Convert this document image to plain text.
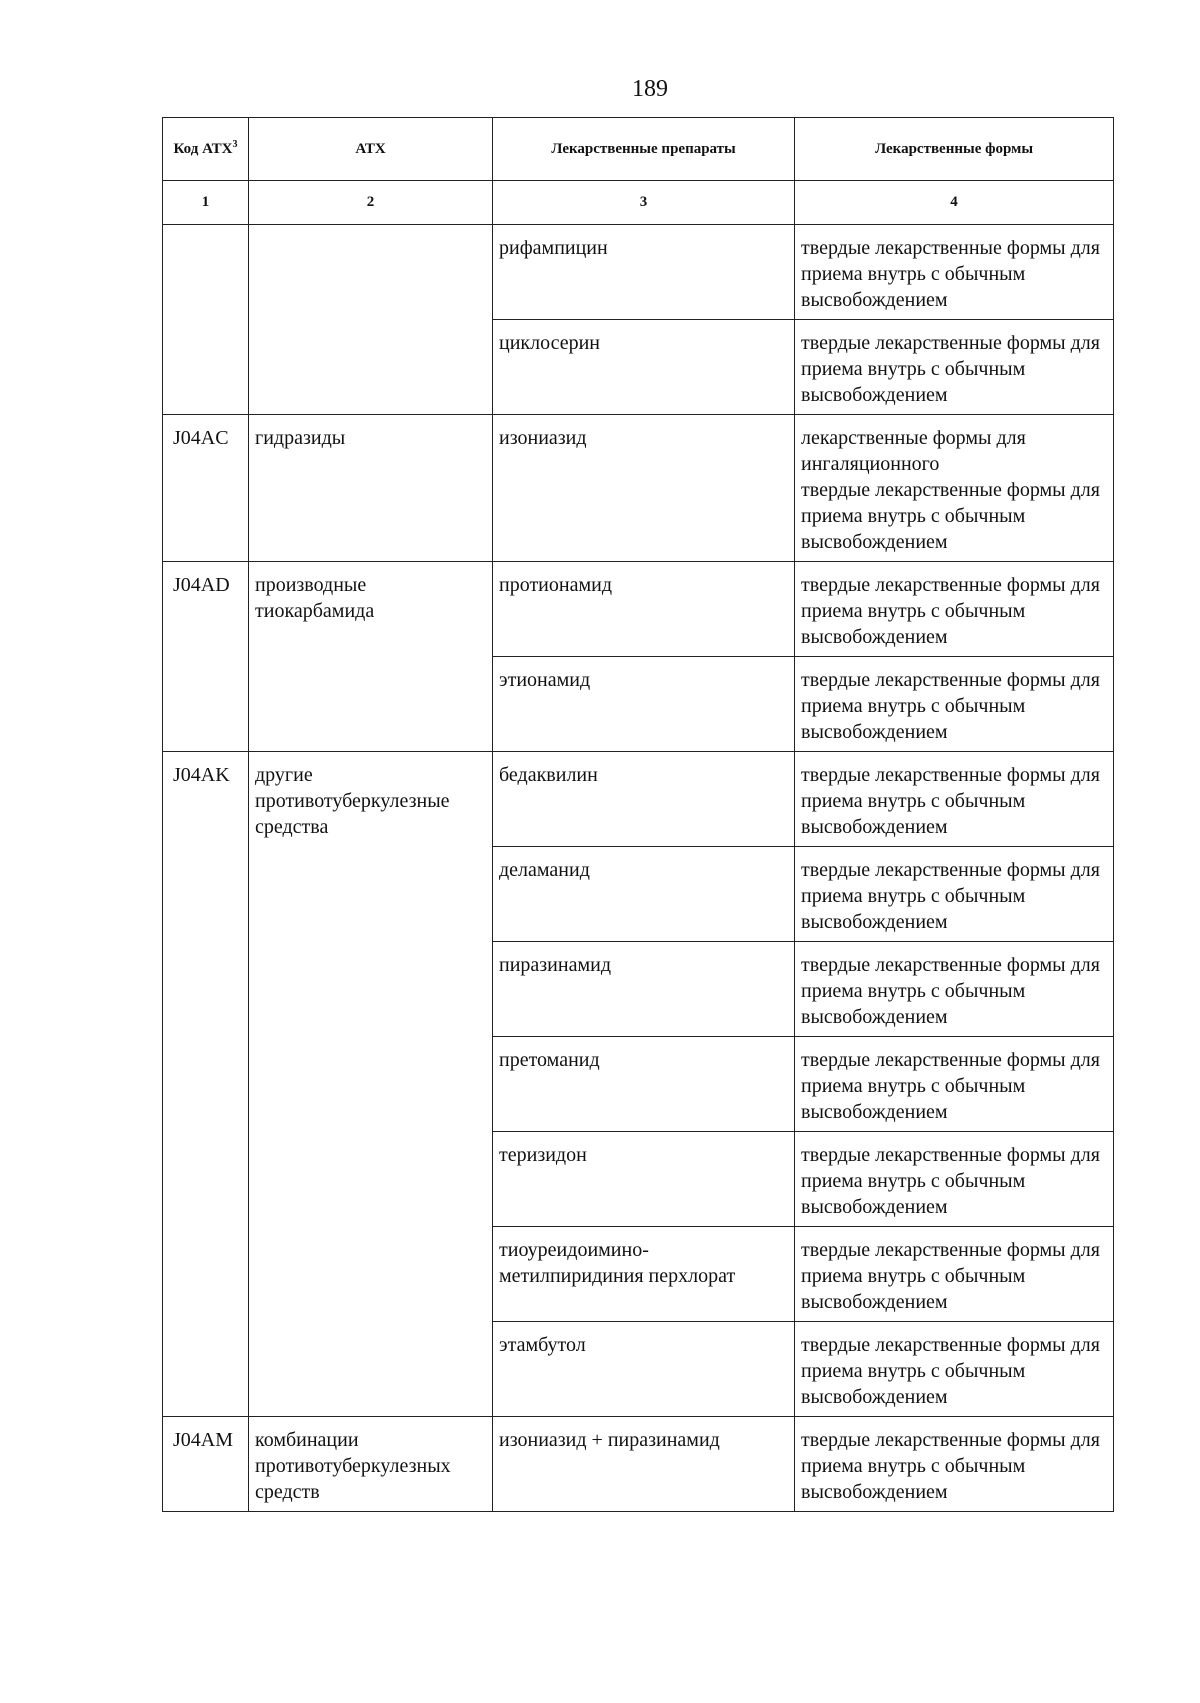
189
Код АТХ$^3$	АТХ	Лекарственные препараты	Лекарственные формы
1	2	3	4
		рифампицин	твердые лекарственные формы для приема внутрь с обычным высвобождением

		циклосерин	твердые лекарственные формы для приема внутрь с обычным высвобождением

J04AC	гидразиды	изониазид	лекарственные формы для ингаляционного
твердые лекарственные формы для приема внутрь с обычным высвобождением

J04AD	производные тиокарбамида	протионамид	твердые лекарственные формы для приема внутрь с обычным высвобождением

		этионамид	твердые лекарственные формы для приема внутрь с обычным высвобождением

J04AK	другие противотуберкулезные средства	бедаквилин	твердые лекарственные формы для приема внутрь с обычным высвобождением

		деламанид	твердые лекарственные формы для приема внутрь с обычным высвобождением

		пиразинамид	твердые лекарственные формы для приема внутрь с обычным высвобождением

		претоманид	твердые лекарственные формы для приема внутрь с обычным высвобождением

		теризидон	твердые лекарственные формы для приема внутрь с обычным высвобождением

		тиоуреидоимино-метилпиридиния перхлорат	твердые лекарственные формы для приема внутрь с обычным высвобождением

		этамбутол	твердые лекарственные формы для приема внутрь с обычным высвобождением

J04AM	комбинации противотуберкулезных средств	изониазид + пиразинамид	твердые лекарственные формы для приема внутрь с обычным высвобождением
